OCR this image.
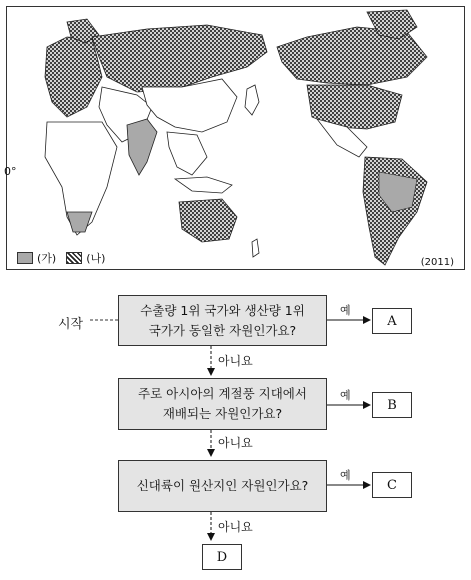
(가)	(나)	(2011)
0°
시작
수출량 1위 국가와 생산량 1위
국가가 동일한 자원인가요?
예
A
아니요
주로 아시아의 계절풍 지대에서
재배되는 자원인가요?
예
B
아니요
신대륙이 원산지인 자원인가요?
예
C
아니요
D
